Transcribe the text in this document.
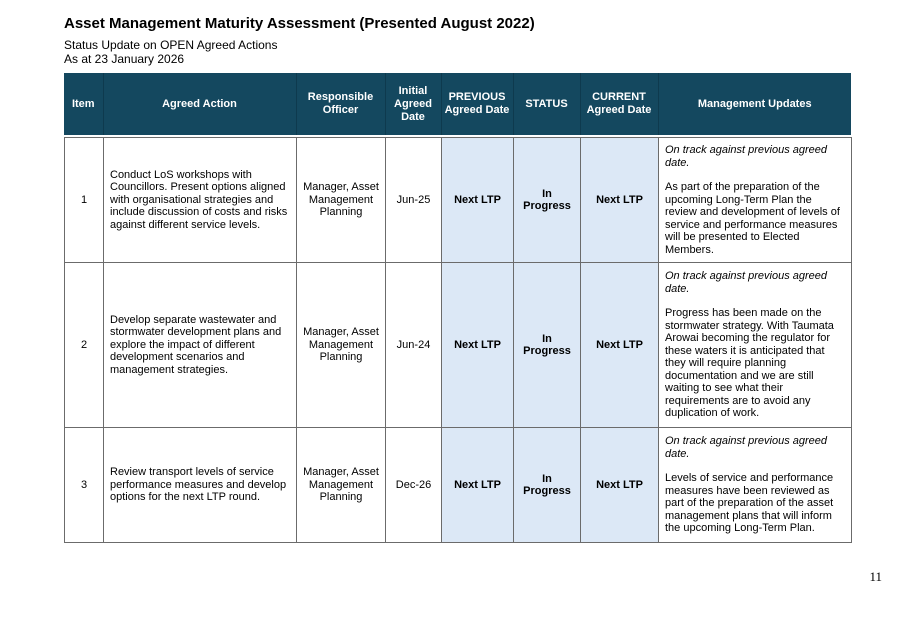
Asset Management Maturity Assessment (Presented August 2022)
Status Update on OPEN Agreed Actions
As at 23 January 2026
Item	Agreed Action	Responsible Officer	Initial Agreed Date	PREVIOUS Agreed Date	STATUS	CURRENT Agreed Date	Management Updates
1	Conduct LoS workshops with Councillors. Present options aligned with organisational strategies and include discussion of costs and risks against different service levels.	Manager, Asset Management Planning	Jun-25	Next LTP	In Progress	Next LTP	On track against previous agreed date.

As part of the preparation of the upcoming Long-Term Plan the review and development of levels of service and performance measures will be presented to Elected Members.

2	Develop separate wastewater and stormwater development plans and explore the impact of different development scenarios and management strategies.	Manager, Asset Management Planning	Jun-24	Next LTP	In Progress	Next LTP	On track against previous agreed date.

Progress has been made on the stormwater strategy. With Taumata Arowai becoming the regulator for these waters it is anticipated that they will require planning documentation and we are still waiting to see what their requirements are to avoid any duplication of work.

3	Review transport levels of service performance measures and develop options for the next LTP round.	Manager, Asset Management Planning	Dec-26	Next LTP	In Progress	Next LTP	On track against previous agreed date.

Levels of service and performance measures have been reviewed as part of the preparation of the asset management plans that will inform the upcoming Long-Term Plan.

11
